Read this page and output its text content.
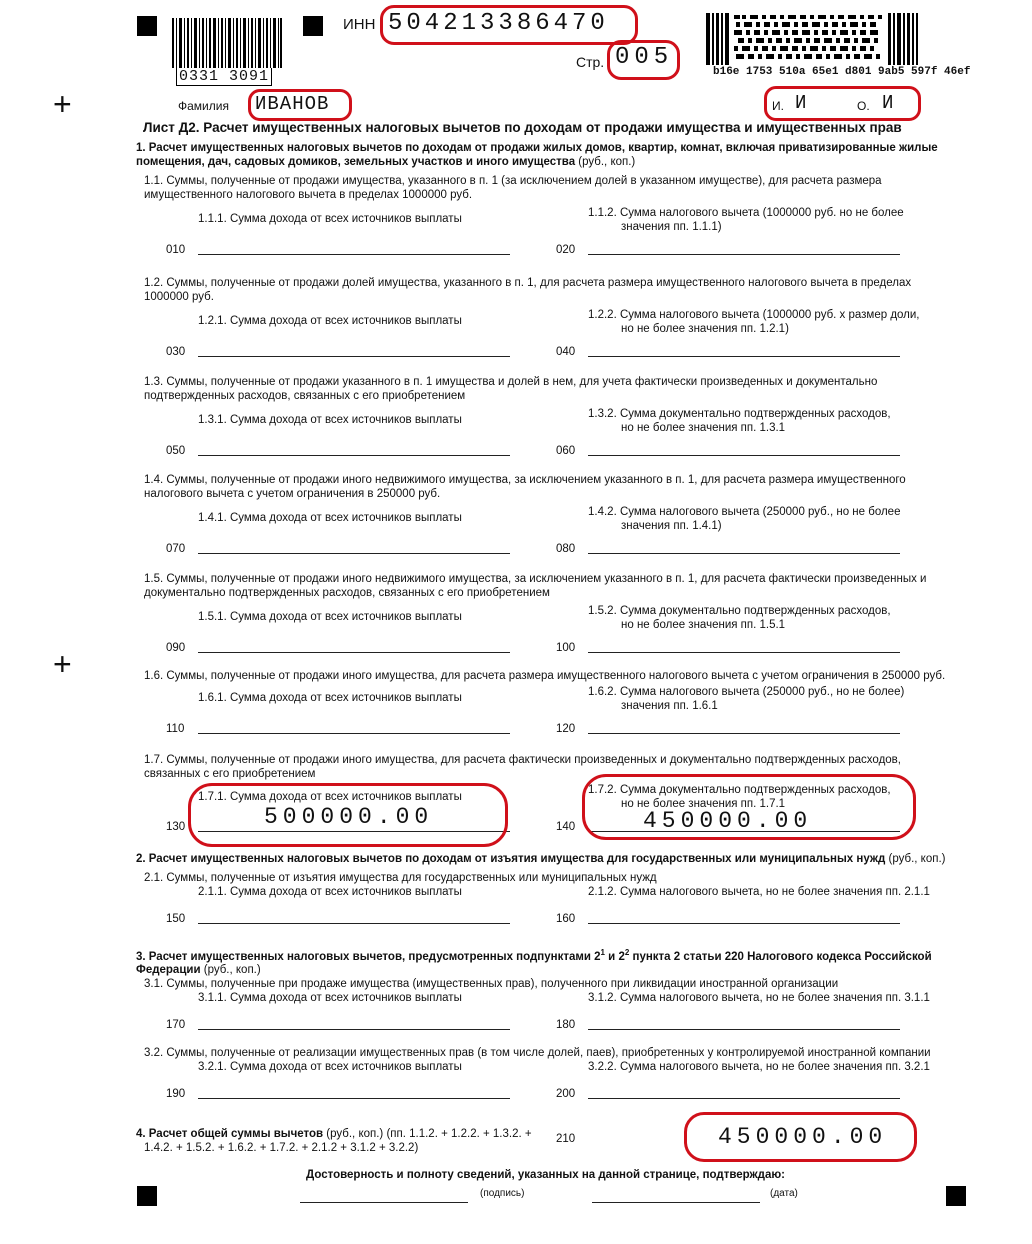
+
+
0331 3091
ИНН 504213386470
Стр. 005
b16e 1753 510a 65e1 d801 9ab5 597f 46ef
Фамилия ИВАНОВ	И. И	О. И
Лист Д2. Расчет имущественных налоговых вычетов по доходам от продажи имущества и имущественных прав
1. Расчет имущественных налоговых вычетов по доходам от продажи жилых домов, квартир, комнат, включая приватизированные жилые
помещения, дач, садовых домиков, земельных участков и иного имущества (руб., коп.)
1.1. Суммы, полученные от продажи имущества, указанного в п. 1 (за исключением долей в указанном имуществе), для расчета размера
имущественного налогового вычета в пределах 1000000 руб.
1.1.1. Сумма дохода от всех источников выплаты	1.1.2. Сумма налогового вычета (1000000 руб. но не более
значения пп. 1.1.1)
010	020
1.2. Суммы, полученные от продажи долей имущества, указанного в п. 1, для расчета размера имущественного налогового вычета в пределах
1000000 руб.
1.2.1. Сумма дохода от всех источников выплаты	1.2.2. Сумма налогового вычета (1000000 руб. х размер доли,
но не более значения пп. 1.2.1)
030	040
1.3. Суммы, полученные от продажи указанного в п. 1 имущества и долей в нем, для учета фактически произведенных и документально
подтвержденных расходов, связанных с его приобретением
1.3.1. Сумма дохода от всех источников выплаты	1.3.2. Сумма документально подтвержденных расходов,
но не более значения пп. 1.3.1
050	060
1.4. Суммы, полученные от продажи иного недвижимого имущества, за исключением указанного в п. 1, для расчета размера имущественного
налогового вычета с учетом ограничения в 250000 руб.
1.4.1. Сумма дохода от всех источников выплаты	1.4.2. Сумма налогового вычета (250000 руб., но не более
значения пп. 1.4.1)
070	080
1.5. Суммы, полученные от продажи иного недвижимого имущества, за исключением указанного в п. 1, для расчета фактически произведенных и
документально подтвержденных расходов, связанных с его приобретением
1.5.1. Сумма дохода от всех источников выплаты	1.5.2. Сумма документально подтвержденных расходов,
но не более значения пп. 1.5.1
090	100
1.6. Суммы, полученные от продажи иного имущества, для расчета размера имущественного налогового вычета с учетом ограничения в 250000 руб.
1.6.1. Сумма дохода от всех источников выплаты	1.6.2. Сумма налогового вычета (250000 руб., но не более)
значения пп. 1.6.1
110	120
1.7. Суммы, полученные от продажи иного имущества, для расчета фактически произведенных и документально подтвержденных расходов,
связанных с его приобретением
1.7.1. Сумма дохода от всех источников выплаты
1.7.2. Сумма документально подтвержденных расходов,
но не более значения пп. 1.7.1
130	140
500000.00	450000.00
2. Расчет имущественных налоговых вычетов по доходам от изъятия имущества для государственных или муниципальных нужд (руб., коп.)
2.1. Суммы, полученные от изъятия имущества для государственных или муниципальных нужд
2.1.1. Сумма дохода от всех источников выплаты	2.1.2. Сумма налогового вычета, но не более значения пп. 2.1.1
150	160
3. Расчет имущественных налоговых вычетов, предусмотренных подпунктами $2^1$ и $2^2$ пункта 2 статьи 220 Налогового кодекса Российской
Федерации (руб., коп.)
3.1. Суммы, полученные при продаже имущества (имущественных прав), полученного при ликвидации иностранной организации
3.1.1. Сумма дохода от всех источников выплаты	3.1.2. Сумма налогового вычета, но не более значения пп. 3.1.1
170	180
3.2. Суммы, полученные от реализации имущественных прав (в том числе долей, паев), приобретенных у контролируемой иностранной компании
3.2.1. Сумма дохода от всех источников выплаты	3.2.2. Сумма налогового вычета, но не более значения пп. 3.2.1
190	200
4. Расчет общей суммы вычетов (руб., коп.) (пп. 1.1.2. + 1.2.2. + 1.3.2. +
1.4.2. + 1.5.2. + 1.6.2. + 1.7.2. + 2.1.2 + 3.1.2 + 3.2.2)
210	450000.00
Достоверность и полноту сведений, указанных на данной странице, подтверждаю:
(подпись)	(дата)
